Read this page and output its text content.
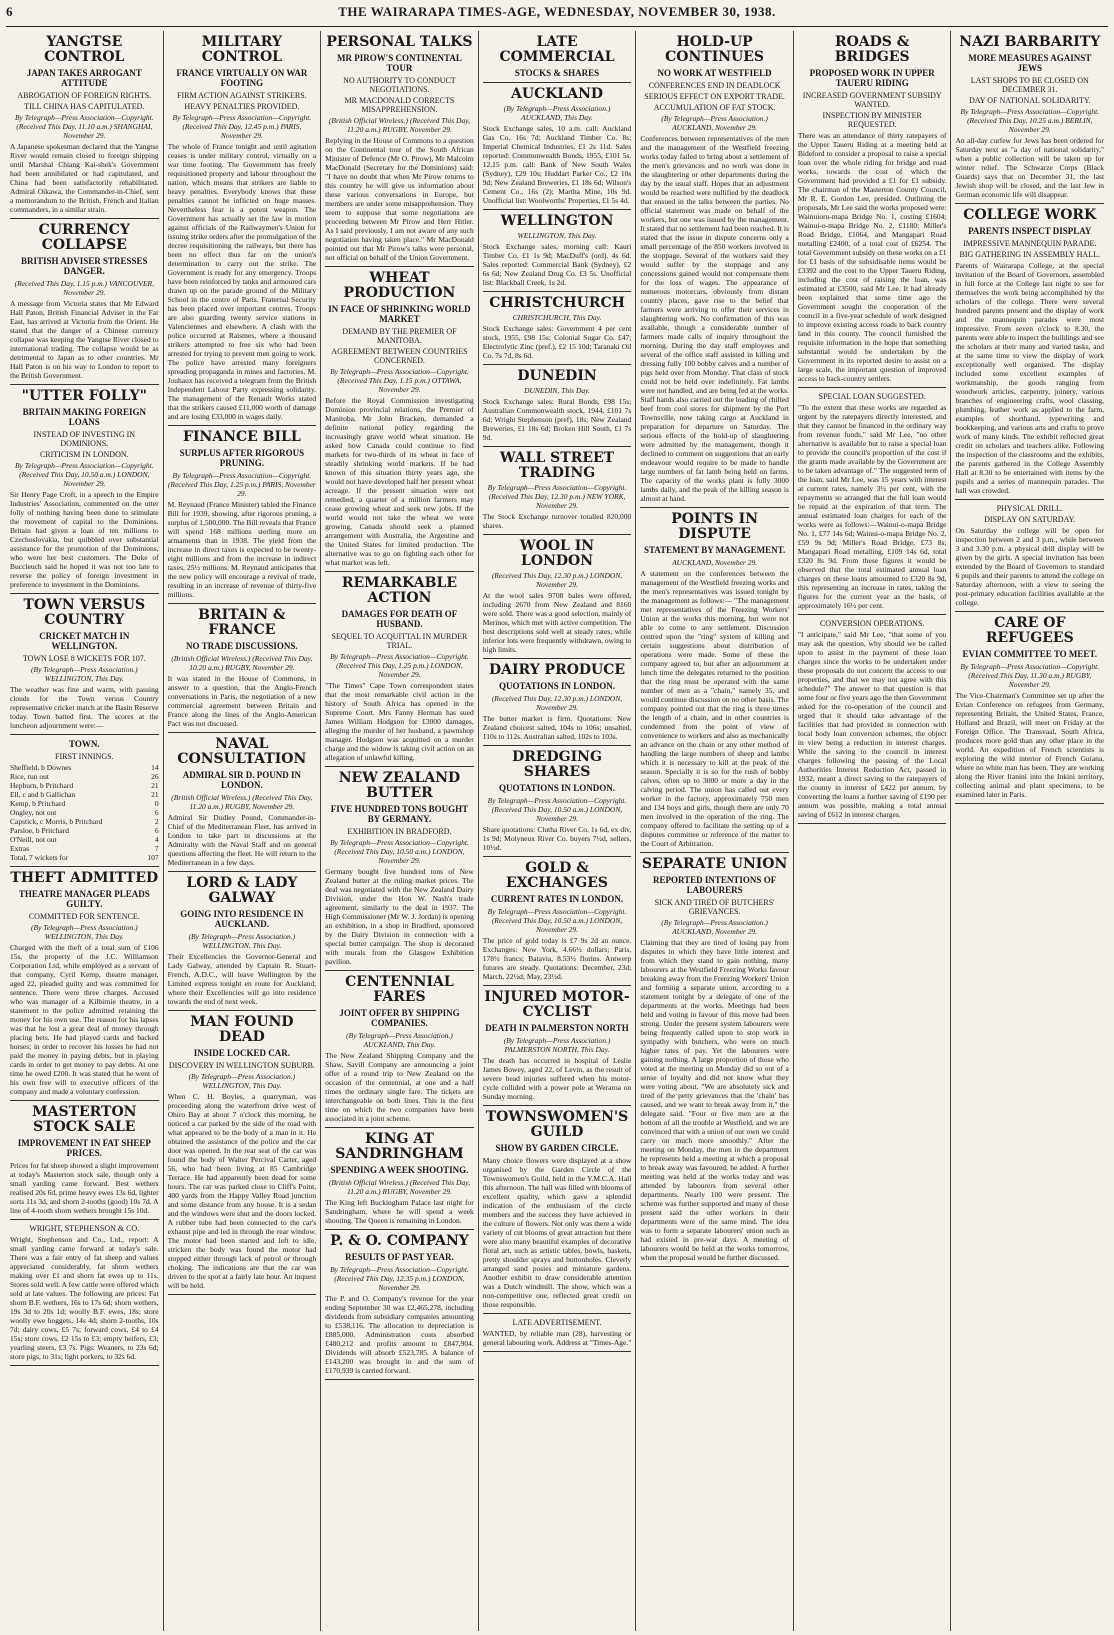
6	THE WAIRARAPA TIMES-AGE, WEDNESDAY, NOVEMBER 30, 1938.
YANGTSE CONTROL
JAPAN TAKES ARROGANT ATTITUDE
ABROGATION OF FOREIGN RIGHTS.
TILL CHINA HAS CAPITULATED.
By Telegraph—Press Association—Copyright. (Received This Day, 11.10 a.m.) SHANGHAI, November 29.

A Japanese spokesman declared that the Yangtse River would remain closed to foreign shipping until Marshal Chiang Kai-shek's Government had been annihilated or had capitulated, and China had been satisfactorily rehabilitated. Admiral Oikawa, the Commander-in-Chief, sent a memorandum to the British, French and Italian commanders, in a similar strain.

CURRENCY COLLAPSE
BRITISH ADVISER STRESSES DANGER.
(Received This Day, 1.15 p.m.) VANCOUVER, November 29.

A message from Victoria states that Mr Edward Hall Paton, British Financial Adviser in the Far East, has arrived at Victoria from the Orient. He stated that the danger of a Chinese currency collapse was keeping the Yangtse River closed to international trading. The collapse would be as detrimental to Japan as to other countries. Mr Hall Paton is on his way to London to report to the British Government.

"UTTER FOLLY"
BRITAIN MAKING FOREIGN LOANS
INSTEAD OF INVESTING IN DOMINIONS.
CRITICISM IN LONDON.
By Telegraph—Press Association—Copyright. (Received This Day, 10.50 a.m.) LONDON, November 29.

Sir Henry Page Croft, in a speech to the Empire Industries' Association, commented on the utter folly of nothing having been done to stimulate the movement of capital to the Dominions. Britain had given a loan of ten millions to Czechoslovakia, but quibbled over substantial assistance for the promotion of the Dominions, who were her best customers. The Duke of Buccleuch said he hoped it was not too late to reverse the policy of foreign investment in preference to investment in the Dominions.

TOWN VERSUS COUNTRY
CRICKET MATCH IN WELLINGTON.
TOWN LOSE 8 WICKETS FOR 107.
(By Telegraph—Press Association.) WELLINGTON, This Day.

The weather was fine and warm, with passing clouds for the Town versus Country representative cricket match at the Basin Reserve today. Town batted first. The scores at the luncheon adjournment were:—

TOWN.
FIRST INNINGS.
Sheffield, b Downes	14
Rice, run out	26
Hepburn, b Pritchard	21
Ell, c and b Gallichan	21
Kemp, b Pritchard	0
Ongley, not out	6
Capstick, c Morris, b Pritchard	2
Parsloe, b Pritchard	6
O'Neill, not out	4
Extras	7
Total, 7 wickets for	107
THEFT ADMITTED
THEATRE MANAGER PLEADS GUILTY.
COMMITTED FOR SENTENCE.
(By Telegraph—Press Association.) WELLINGTON, This Day.

Charged with the theft of a total sum of £106 15s, the property of the J.C. Williamson Corporation Ltd, while employed as a servant of that company, Cyril Kemp, theatre manager, aged 22, pleaded guilty and was committed for sentence. There were three charges. Accused who was manager of a Kilbirnie theatre, in a statement to the police admitted retaining the money for his own use. The reason for his lapses was that he lost a great deal of money through placing bets. He had played cards and backed horses; in order to recover his losses he had not paid the money in paying debts, but in playing cards in order to get money to pay debts. At one time he owed £200. It was stated that he went of his own free will to executive officers of the company and made a voluntary confession.

MASTERTON STOCK SALE
IMPROVEMENT IN FAT SHEEP PRICES.

Prices for fat sheep showed a slight improvement at today's Masterton stock sale, though only a small yarding came forward. Best wethers realised 20s 6d, prime heavy ewes 13s 6d, lighter sorts 11s 3d, and shorn 2-tooths (good) 10s 7d. A line of 4-tooth shorn wethers brought 15s 10d.

WRIGHT, STEPHENSON & CO.

Wright, Stephenson and Co., Ltd., report: A small yarding came forward at today's sale. There was a fair entry of fat sheep and values appreciated considerably, fat shorn wethers making over £1 and shorn fat ewes up to 11s. Stores sold well. A few cattle were offered which sold at late values. The following are prices: Fat shorn B.F. wethers, 16s to 17s 6d; shorn wethers, 19s 3d to 20s 1d; woolly B.F. ewes, 18s; store woolly ewe hoggets, 14s 4d; shorn 2-tooths, 10s 7d; dairy cows, £5 7s; forward cows, £4 to £4 15s; store cows, £2 15s to £3; empty heifers, £3; yearling steers, £3 7s. Pigs: Weaners, to 23s 6d; store pigs, to 31s; light porkers, to 32s 6d.

MILITARY CONTROL
FRANCE VIRTUALLY ON WAR FOOTING
FIRM ACTION AGAINST STRIKERS.
HEAVY PENALTIES PROVIDED.
By Telegraph—Press Association—Copyright. (Received This Day, 12.45 p.m.) PARIS, November 29.

The whole of France tonight and until agitation ceases is under military control, virtually on a war time footing. The Government has freely requisitioned property and labour throughout the nation, which means that strikers are liable to heavy penalties. Everybody knows that these penalties cannot be inflicted on huge masses. Nevertheless fear is a potent weapon. The Government has actually set the law in motion against officials of the Railwaymen's Union for issuing strike orders after the promulgation of the decree requisitioning the railways, but there has been no effect thus far on the union's determination to carry out the strike. The Government is ready for any emergency. Troops have been reinforced by tanks and armoured cars drawn up on the parade ground of the Military School in the centre of Paris. Fraternal Security has been placed over important centres. Troops are also guarding twenty service stations in Valenciennes and elsewhere. A clash with the police occurred at Raismes, where a thousand strikers attempted to free six who had been arrested for trying to prevent men going to work. The police have arrested many foreigners spreading propaganda in mines and factories. M. Jouhaux has received a telegram from the British Independent Labour Party expressing solidarity. The management of the Renault Works stated that the strikers caused £11,000 worth of damage and are losing £33,000 in wages daily.

FINANCE BILL
SURPLUS AFTER RIGOROUS PRUNING.
By Telegraph—Press Association—Copyright. (Received This Day, 1.25 p.m.) PARIS, November 29.

M. Reynaud (France Minister) tabled the Finance Bill for 1939, showing, after rigorous pruning, a surplus of 1,500,000. The Bill reveals that France will spend 168 millions sterling more on armaments than in 1938. The yield from the increase in direct taxes is expected to be twenty-eight millions and from the increase in indirect taxes, 25½ millions. M. Reynaud anticipates that the new policy will encourage a revival of trade, resulting in an increase of revenue of thirty-five millions.

BRITAIN & FRANCE
NO TRADE DISCUSSIONS.
(British Official Wireless.) (Received This Day, 10.20 a.m.) RUGBY, November 29.

It was stated in the House of Commons, in answer to a question, that the Anglo-French conversations in Paris, the negotiation of a new commercial agreement between Britain and France along the lines of the Anglo-American Pact was not discussed.

NAVAL CONSULTATION
ADMIRAL SIR D. POUND IN LONDON.
(British Official Wireless.) (Received This Day, 11.20 a.m.) RUGBY, November 29.

Admiral Sir Dudley Pound, Commander-in-Chief of the Mediterranean Fleet, has arrived in London to take part in discussions at the Admiralty with the Naval Staff and on general questions affecting the fleet. He will return to the Mediterranean in a few days.

LORD & LADY GALWAY
GOING INTO RESIDENCE IN AUCKLAND.
(By Telegraph—Press Association.) WELLINGTON, This Day.

Their Excellencies the Governor-General and Lady Galway, attended by Captain R. Stuart-French, A.D.C., will leave Wellington by the Limited express tonight en route for Auckland, where their Excellencies will go into residence towards the end of next week.

MAN FOUND DEAD
INSIDE LOCKED CAR.
DISCOVERY IN WELLINGTON SUBURB.
(By Telegraph—Press Association.) WELLINGTON, This Day.

When C. H. Boyles, a quarryman, was proceeding along the waterfront drive west of Ohiro Bay at about 7 o'clock this morning, he noticed a car parked by the side of the road with what appeared to be the body of a man in it. He obtained the assistance of the police and the car door was opened. In the rear seat of the car was found the body of Walter Percival Carter, aged 56, who had been living at 85 Cambridge Terrace. He had apparently been dead for some hours. The car was parked close to Cliff's Point, 400 yards from the Happy Valley Road junction and some distance from any house. It is a sedan and the windows were shut and the doors locked. A rubber tube had been connected to the car's exhaust pipe and led in through the rear window. The motor had been started and left to idle, stricken the body was found the motor had stopped either through lack of petrol or through choking. The indications are that the car was driven to the spot at a fairly late hour. An inquest will be held.

PERSONAL TALKS
MR PIROW'S CONTINENTAL TOUR
NO AUTHORITY TO CONDUCT NEGOTIATIONS.
MR MACDONALD CORRECTS MISAPPREHENSION.
(British Official Wireless.) (Received This Day, 11.20 a.m.) RUGBY, November 29.

Replying in the House of Commons to a question on the Continental tour of the South African Minister of Defence (Mr O. Pirow), Mr Malcolm MacDonald (Secretary for the Dominions) said: "I have no doubt that when Mr Pirow returns to this country he will give us information about these various conversations in Europe, but members are under some misapprehension. They seem to suppose that some negotiations are proceeding between Mr Pirow and Herr Hitler. As I said previously, I am not aware of any such negotiation having taken place." Mr MacDonald pointed out that Mr Pirow's talks were personal, not official on behalf of the Union Government.

WHEAT PRODUCTION
IN FACE OF SHRINKING WORLD MARKET
DEMAND BY THE PREMIER OF MANITOBA.
AGREEMENT BETWEEN COUNTRIES CONCERNED.
By Telegraph—Press Association—Copyright. (Received This Day, 1.15 p.m.) OTTAWA, November 29.

Before the Royal Commission investigating Dominion provincial relations, the Premier of Manitoba, Mr John Bracken, demanded a definite national policy regarding the increasingly grave world wheat situation. He asked how Canada could continue to find markets for two-thirds of its wheat in face of steadily shrinking world markets. If he had known of this situation thirty years ago, she would not have developed half her present wheat acreage. If the present situation were not remedied, a quarter of a million farmers may cease growing wheat and seek new jobs. If the world would not take the wheat we were growing, Canada should seek a planned arrangement with Australia, the Argentine and the United States for limited production. The alternative was to go on fighting each other for what market was left.

REMARKABLE ACTION
DAMAGES FOR DEATH OF HUSBAND.
SEQUEL TO ACQUITTAL IN MURDER TRIAL.
By Telegraph—Press Association—Copyright. (Received This Day, 1.25 p.m.) LONDON, November 29.

"The Times" Cape Town correspondent states that the most remarkable civil action in the history of South Africa has opened in the Supreme Court. Mrs Fanny Herman has sued James William Hodgson for £3000 damages, alleging the murder of her husband, a pawnshop manager. Hodgson was acquitted on a murder charge and the widow is taking civil action on an allegation of unlawful killing.

NEW ZEALAND BUTTER
FIVE HUNDRED TONS BOUGHT BY GERMANY.
EXHIBITION IN BRADFORD.
By Telegraph—Press Association—Copyright. (Received This Day, 10.50 a.m.) LONDON, November 29.

Germany bought five hundred tons of New Zealand butter at the ruling market prices. The deal was negotiated with the New Zealand Dairy Division, under the Hon W. Nash's trade agreement, similarly to the deal in 1937. The High Commissioner (Mr W. J. Jordan) is opening an exhibition, in a shop in Bradford, sponsored by the Dairy Division in connection with a special butter campaign. The shop is decorated with murals from the Glasgow Exhibition pavilion.

CENTENNIAL FARES
JOINT OFFER BY SHIPPING COMPANIES.
(By Telegraph—Press Association.) AUCKLAND, This Day.

The New Zealand Shipping Company and the Shaw, Savill Company are announcing a joint offer of a round trip to New Zealand on the occasion of the centennial, at one and a half times the ordinary single fare. The tickets are interchangeable on both lines. This is the first time on which the two companies have been associated in a joint scheme.

KING AT SANDRINGHAM
SPENDING A WEEK SHOOTING.
(British Official Wireless.) (Received This Day, 11.20 a.m.) RUGBY, November 29.

The King left Buckingham Palace last night for Sandringham, where he will spend a week shooting. The Queen is remaining in London.

P. & O. COMPANY
RESULTS OF PAST YEAR.
By Telegraph—Press Association—Copyright. (Received This Day, 12.35 p.m.) LONDON, November 29.

The P. and O. Company's revenue for the year ending September 30 was £2,465,278, including dividends from subsidiary companies amounting to £538,116. The allocation to depreciation is £885,000. Administration costs absorbed £480,212 and profits amount to £847,904. Dividends will absorb £523,785. A balance of £143,200 was brought in and the sum of £170,939 is carried forward.

LATE COMMERCIAL
STOCKS & SHARES
AUCKLAND
(By Telegraph—Press Association.) AUCKLAND, This Day.

Stock Exchange sales, 10 a.m. call: Auckland Gas Co. 16s 7d; Auckland Timber Co. 8s; Imperial Chemical Industries, £1 2s 11d. Sales reported: Commonwealth Bonds, 1955, £101 5s. 12.15 p.m. call: Bank of New South Wales (Sydney), £29 10s; Huddart Parker Co., £2 10s 9d; New Zealand Breweries, £1 18s 6d; Wilson's Cement Co., 16s (2); Martha Mine, 10s 9d. Unofficial list: Woolworths' Properties, £1 5s 4d.

WELLINGTON
WELLINGTON, This Day.

Stock Exchange sales, morning call: Kauri Timber Co. £1 1s 9d; MacDuff's (ord). 4s 6d. Sales reported: Commercial Bank (Sydney), £2 6s 6d; New Zealand Drug Co. £3 5s. Unofficial list: Blackball Creek, 1s 2d.

CHRISTCHURCH
CHRISTCHURCH, This Day.

Stock Exchange sales: Government 4 per cent stock, 1955, £98 15s; Colonial Sugar Co. £47; Electrolytic Zinc (pref.), £2 15 10d; Taranaki Oil Co. 7s 7d, 8s 6d.

DUNEDIN
DUNEDIN, This Day.

Stock Exchange sales: Rural Bonds, £98 15s; Australian Commonwealth stock, 1944, £101 7s 6d; Wright Stephenson (pref), 18s; New Zealand Breweries, £1 18s 6d; Broken Hill South, £1 7s 9d.

WALL STREET TRADING
By Telegraph—Press Association—Copyright. (Received This Day, 12.30 p.m.) NEW YORK, November 29.

The Stock Exchange turnover totalled 820,000 shares.

WOOL IN LONDON
(Received This Day, 12.30 p.m.) LONDON, November 29.

At the wool sales 9708 bales were offered, including 2670 from New Zealand and 8160 were sold. There was a good selection, mainly of Merinos, which met with active competition. The best descriptions sold well at steady rates, while inferior lots were frequently withdrawn, owing to high limits.

DAIRY PRODUCE
QUOTATIONS IN LONDON.
(Received This Day, 12.30 p.m.) LONDON, November 29.

The butter market is firm. Quotations: New Zealand choicest salted, 104s to 106s; unsalted, 110s to 112s. Australian salted, 102s to 103s.

DREDGING SHARES
QUOTATIONS IN LONDON.
By Telegraph—Press Association—Copyright. (Received This Day, 10.50 a.m.) LONDON, November 29.

Share quotations: Clutha River Co. 1s 6d, ex div, 1s 9d; Molyneux River Co. buyers 7½d, sellers, 10½d.

GOLD & EXCHANGES
CURRENT RATES IN LONDON.
By Telegraph—Press Association—Copyright. (Received This Day, 10.50 a.m.) LONDON, November 29.

The price of gold today is £7 9s 2d an ounce. Exchanges: New York, 4.66½ dollars; Paris, 178½ francs; Batavia, 8.53½ florins. Antwerp futures are steady. Quotations: December, 23d; March, 22½d; May, 23½d.

INJURED MOTOR-CYCLIST
DEATH IN PALMERSTON NORTH
(By Telegraph—Press Association.) PALMERSTON NORTH, This Day.

The death has occurred in hospital of Leslie James Bowey, aged 22, of Levin, as the result of severe head injuries suffered when his motor-cycle collided with a power pole at Weraroa on Sunday morning.

TOWNSWOMEN'S GUILD
SHOW BY GARDEN CIRCLE.

Many choice flowers were displayed at a show organised by the Garden Circle of the Townswomen's Guild, held in the Y.M.C.A. Hall this afternoon. The hall was filled with blooms of excellent quality, which gave a splendid indication of the enthusiasm of the circle members and the success they have achieved in the culture of flowers. Not only was there a wide variety of cut blooms of great attraction but there were also many beautiful examples of decorative floral art, such as artistic tables, bowls, baskets, pretty shoulder sprays and buttonholes. Cleverly arranged sand posies and miniature gardens. Another exhibit to draw considerable attention was a Dutch windmill. The show, which was a non-competitive one, reflected great credit on those responsible.

LATE ADVERTISEMENT.

WANTED, by reliable man (28), harvesting or general labouring work. Address at "Times-Age."

HOLD-UP CONTINUES
NO WORK AT WESTFIELD
CONFERENCES END IN DEADLOCK
SERIOUS EFFECT ON EXPORT TRADE.
ACCUMULATION OF FAT STOCK.
(By Telegraph—Press Association.) AUCKLAND, November 29.

Conferences between representatives of the men and the management of the Westfield freezing works today failed to bring about a settlement of the men's grievances and no work was done in the slaughtering or other departments during the day by the usual staff. Hopes that an adjustment would be reached were nullified by the deadlock that ensued in the talks between the parties. No official statement was made on behalf of the workers, but one was issued by the management. It stated that no settlement had been reached. It is stated that the issue in dispute concerns only a small percentage of the 850 workers involved in the stoppage. Several of the workers said they would suffer by the stoppage and any concessions gained would not compensate them for the loss of wages. The appearance of numerous motorcars, obviously from distant country places, gave rise to the belief that farmers were arriving to offer their services in slaughtering work. No confirmation of this was available, though a considerable number of farmers made calls of inquiry throughout the morning. During the day staff employees and several of the office staff assisted in killing and dressing fully 100 bobby calves and a number of pigs held over from Monday. That class of stock could not be held over indefinitely. Fat lambs were not handled, and are being fed at the works. Staff hands also carried out the loading of chilled beef from cool stores for shipment by the Port Townsville, now taking cargo at Auckland in preparation for departure on Saturday. The serious effects of the hold-up of slaughtering were admitted by the management, though it declined to comment on suggestions that an early endeavour would require to be made to handle large numbers of fat lamb being held on farms. The capacity of the works plant is fully 3000 lambs daily, and the peak of the killing season is almost at hand.

POINTS IN DISPUTE
STATEMENT BY MANAGEMENT.
AUCKLAND, November 29.

A statement on the conferences between the management of the Westfield freezing works and the men's representatives was issued tonight by the management as follows:— "The management met representatives of the Freezing Workers' Union at the works this morning, but were not able to come to any settlement. Discussion centred upon the "ring" system of killing and certain suggestions about distribution of operations were made. Some of these the company agreed to, but after an adjournment at lunch time the delegates returned to the position that the ring must be operated with the same number of men as a "chain," namely 35, and would continue discussion on no other basis. The company pointed out that the ring is three times the length of a chain, and in other countries is condemned from the point of view of convenience to workers and also as mechanically an advance on the chain or any other method of handling the large numbers of sheep and lambs which it is necessary to kill at the peak of the season. Specially it is so for the rush of bobby calves, often up to 3000 or more a day in the calving period. The union has called out every worker in the factory, approximately 750 men and 134 boys and girls, though there are only 70 men involved in the operation of the ring. The company offered to facilitate the setting up of a disputes committee or reference of the matter to the Court of Arbitration.

SEPARATE UNION
REPORTED INTENTIONS OF LABOURERS
SICK AND TIRED OF BUTCHERS' GRIEVANCES.
(By Telegraph—Press Association.) AUCKLAND, November 29.

Claiming that they are tired of losing pay from disputes in which they have little interest and from which they stand to gain nothing, many labourers at the Westfield Freezing Works favour breaking away from the Freezing Workers' Union and forming a separate union, according to a statement tonight by a delegate of one of the departments at the works. Meetings had been held and voting in favour of this move had been strong. Under the present system labourers were being frequently called upon to stop work in sympathy with butchers, who were on much higher rates of pay. Yet the labourers were gaining nothing. A large proportion of those who voted at the meeting on Monday did so out of a sense of loyalty and did not know what they were voting about. "We are absolutely sick and tired of the petty grievances that the 'chain' has caused, and we want to break away from it," the delegate said. "Four or five men are at the bottom of all the trouble at Westfield, and we are convinced that with a union of our own we could carry on much more smoothly." After the meeting on Monday, the men in the department he represents held a meeting at which a proposal to break away was favoured, he added. A further meeting was held at the works today and was attended by labourers from several other departments. Nearly 100 were present. The scheme was further supported and many of those present said the other workers in their departments were of the same mind. The idea was to form a separate labourers' union such as had existed in pre-war days. A meeting of labourers would be held at the works tomorrow, when the proposal would be further discussed.

ROADS & BRIDGES
PROPOSED WORK IN UPPER TAUERU RIDING
INCREASED GOVERNMENT SUBSIDY WANTED.
INSPECTION BY MINISTER REQUESTED.

There was an attendance of thirty ratepayers of the Upper Taueru Riding at a meeting held at Bideford to consider a proposal to raise a special loan over the whole riding for bridge and road works, towards the cost of which the Government had provided a £1 for £1 subsidy. The chairman of the Masterton County Council, Mr R. E. Gordon Lee, presided. Outlining the proposals, Mr Lee said the works proposed were: Wainuioru-mapa Bridge No. 1, costing £1604; Wainui-o-mapa Bridge No. 2, £1180; Miller's Road Bridge, £1064, and Mangapari Road metalling £2400, of a total cost of £6254. The total Government subsidy on these works on a £1 for £1 basis of the subsidisable items would be £3392 and the cost to the Upper Taueru Riding, including the cost of raising the loan, was estimated at £3500, said Mr Lee. It had already been explained that some time ago the Government sought the cooperation of the council in a five-year schedule of work designed to improve existing access roads to back country land in this county. The council furnished the requisite information in the hope that something substantial would be undertaken by the Government in its reported desire to assist on a large scale, the important question of improved access to back-country settlers.

SPECIAL LOAN SUGGESTED.

"To the extent that these works are regarded as urgent by the ratepayers directly interested, and that they cannot be financed in the ordinary way from revenue funds," said Mr Lee, "no other alternative is available but to raise a special loan to provide the council's proportion of the cost if the grants made available by the Government are to be taken advantage of." The suggested term of the loan, said Mr Lee, was 15 years with interest at current rates, namely 3½ per cent, with the repayments so arranged that the full loan would be repaid at the expiration of that term. The annual estimated loan charges for each of the works were as follows:—Wainui-o-mapa Bridge No. 1, £77 14s 6d; Wainui-o-mapa Bridge No. 2, £59 9s 9d; Miller's Road Bridge, £73 8s; Mangapari Road metalling, £109 14s 6d, total £320 8s 9d. From these figures it would be observed that the total estimated annual loan charges on these loans amounted to £320 8s 9d, this representing an increase in rates, taking the figures for the current year as the basis, of approximately 16½ per cent.

CONVERSION OPERATIONS.

"I anticipate," said Mr Lee, "that some of you may ask the question, why should we be called upon to assist in the payment of these loan charges since the works to be undertaken under these proposals do not concern the access to our properties, and that we may not agree with this schedule?" The answer to that question is that some four or five years ago the then Government asked for the co-operation of the council and urged that it should take advantage of the facilities that had provided in connection with local body loan conversion schemes, the object in view being a reduction in interest charges. While the saving to the council in interest charges following the passing of the Local Authorities Interest Reduction Act, passed in 1932, meant a direct saving to the ratepayers of the county in interest of £422 per annum, by converting the loans a further saving of £190 per annum was possible, making a total annual saving of £612 in interest charges.

NAZI BARBARITY
MORE MEASURES AGAINST JEWS
LAST SHOPS TO BE CLOSED ON DECEMBER 31.
DAY OF NATIONAL SOLIDARITY.
By Telegraph—Press Association—Copyright. (Received This Day, 10.25 a.m.) BERLIN, November 29.

An all-day curfew for Jews has been ordered for Saturday next as "a day of national solidarity," when a public collection will be taken up for winter relief. The Schwarze Corps (Black Guards) says that on December 31, the last Jewish shop will be closed, and the last Jew in German economic life will disappear.

COLLEGE WORK
PARENTS INSPECT DISPLAY
IMPRESSIVE MANNEQUIN PARADE.
BIG GATHERING IN ASSEMBLY HALL.

Parents of Wairarapa College, at the special invitation of the Board of Governors, assembled in full force at the College last night to see for themselves the work being accomplished by the scholars of the college. There were several hundred parents present and the display of work and the mannequin parades were most impressive. From seven o'clock to 8.30, the parents were able to inspect the buildings and see the scholars at their many and varied tasks, and at the same time to view the display of work exceptionally well organised. The display included some excellent examples of workmanship, the goods ranging from woodwork articles, carpentry, joinery, various branches of engineering crafts, wool classing, plumbing, leather work as applied to the farm, examples of shorthand, typewriting and bookkeeping, and various arts and crafts to prove work of many kinds. The exhibit reflected great credit on scholars and teachers alike. Following the inspection of the classrooms and the exhibits, the parents gathered in the College Assembly Hall at 8.30 to be entertained with items by the pupils and a series of mannequin parades. The hall was crowded.

PHYSICAL DRILL.
DISPLAY ON SATURDAY.

On Saturday the college will be open for inspection between 2 and 3 p.m., while between 3 and 3.30 p.m. a physical drill display will be given by the girls. A special invitation has been extended by the Board of Governors to standard 6 pupils and their parents to attend the college on Saturday afternoon, with a view to seeing the post-primary education facilities available at the college.

CARE OF REFUGEES
EVIAN COMMITTEE TO MEET.
By Telegraph—Press Association—Copyright. (Received This Day, 11.30 a.m.) RUGBY, November 29.

The Vice-Chairman's Committee set up after the Evian Conference on refugees from Germany, representing Britain, the United States, France, Holland and Brazil, will meet on Friday at the Foreign Office. The Transvaal, South Africa, produces more gold than any other place in the world. An expedition of French scientists is exploring the wild interior of French Guiana, where no white man has been. They are working along the River Itanini into the Inkini territory, collecting animal and plant specimens, to be examined later in Paris.
